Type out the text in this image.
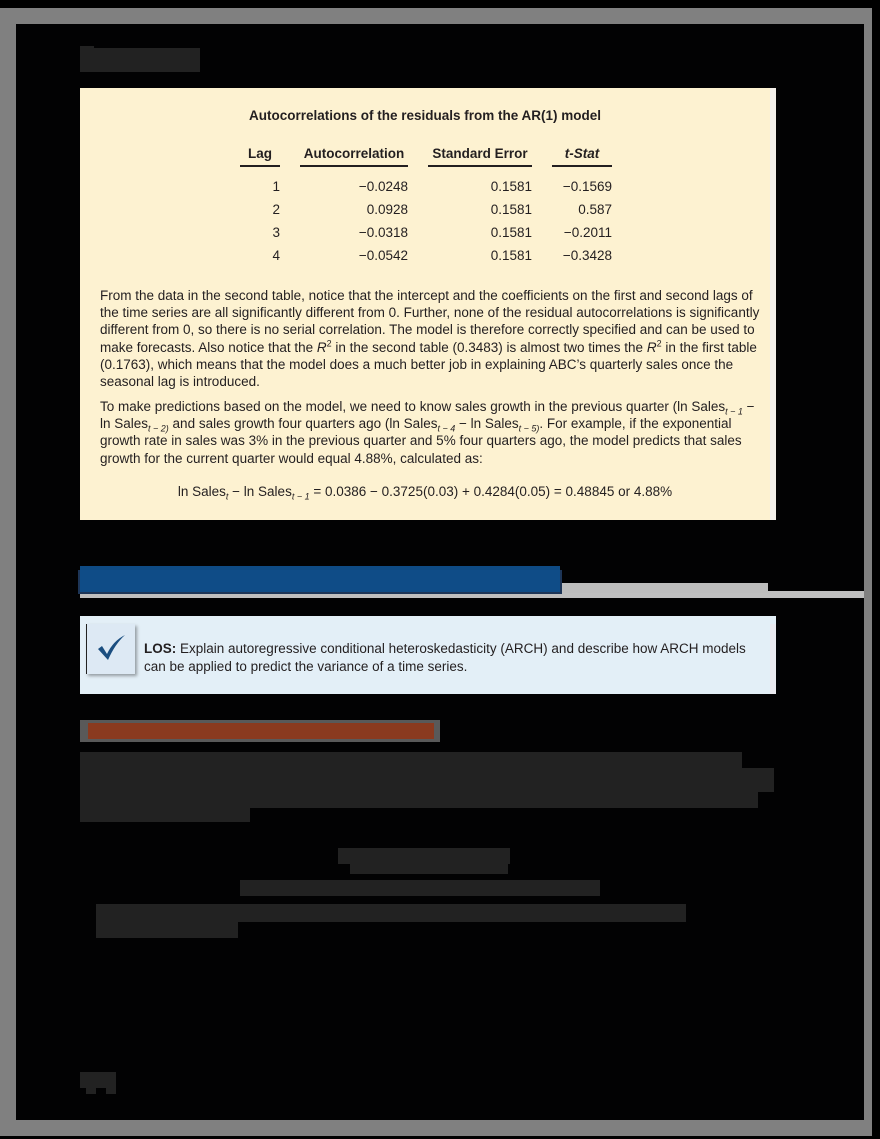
Autocorrelations of the residuals from the AR(1) model
Lag		Autocorrelation		Standard Error		t-Stat
1		−0.0248		0.1581		−0.1569
2		0.0928		0.1581		0.587
3		−0.0318		0.1581		−0.2011
4		−0.0542		0.1581		−0.3428
From the data in the second table, notice that the intercept and the coefficients on the first and second lags of the time series are all significantly different from 0. Further, none of the residual autocorrelations is significantly different from 0, so there is no serial correlation. The model is therefore correctly specified and can be used to make forecasts. Also notice that the $R^2$ in the second table (0.3483) is almost two times the $R^2$ in the first table (0.1763), which means that the model does a much better job in explaining ABC’s quarterly sales once the seasonal lag is introduced.
To make predictions based on the model, we need to know sales growth in the previous quarter (ln Sales$_{t - 1}$ − ln Sales$_{t - 2)}$ and sales growth four quarters ago (ln Sales$_{t - 4}$ − ln Sales$_{t - 5)}$. For example, if the exponential growth rate in sales was 3% in the previous quarter and 5% four quarters ago, the model predicts that sales growth for the current quarter would equal 4.88%, calculated as:
ln Sales$_t$ − ln Sales$_{t - 1}$ = 0.0386 − 0.3725(0.03) + 0.4284(0.05) = 0.48845 or 4.88%
LOS: Explain autoregressive conditional heteroskedasticity (ARCH) and describe how ARCH models can be applied to predict the variance of a time series.
